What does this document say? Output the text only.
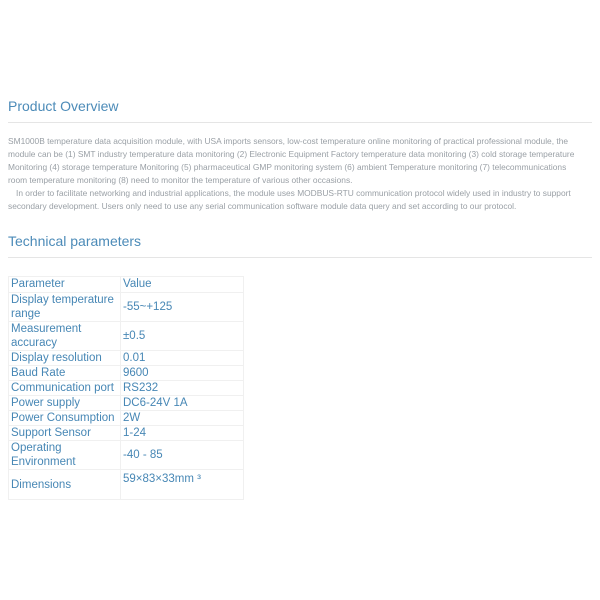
Product Overview
SM1000B temperature data acquisition module, with USA imports sensors, low-cost temperature online monitoring of practical professional module, the
module can be (1) SMT industry temperature data monitoring (2) Electronic Equipment Factory temperature data monitoring (3) cold storage temperature
Monitoring (4) storage temperature Monitoring (5) pharmaceutical GMP monitoring system (6) ambient Temperature monitoring (7) telecommunications
room temperature monitoring (8) need to monitor the temperature of various other occasions.
In order to facilitate networking and industrial applications, the module uses MODBUS-RTU communication protocol widely used in industry to support
secondary development. Users only need to use any serial communication software module data query and set according to our protocol.
Technical parameters
Parameter	Value
Display temperature range	-55~+125
Measurement accuracy	±0.5
Display resolution	0.01
Baud Rate	9600
Communication port	RS232
Power supply	DC6-24V 1A
Power Consumption	2W
Support Sensor	1-24
Operating Environment	-40 - 85
Dimensions	59×83×33mm ³
